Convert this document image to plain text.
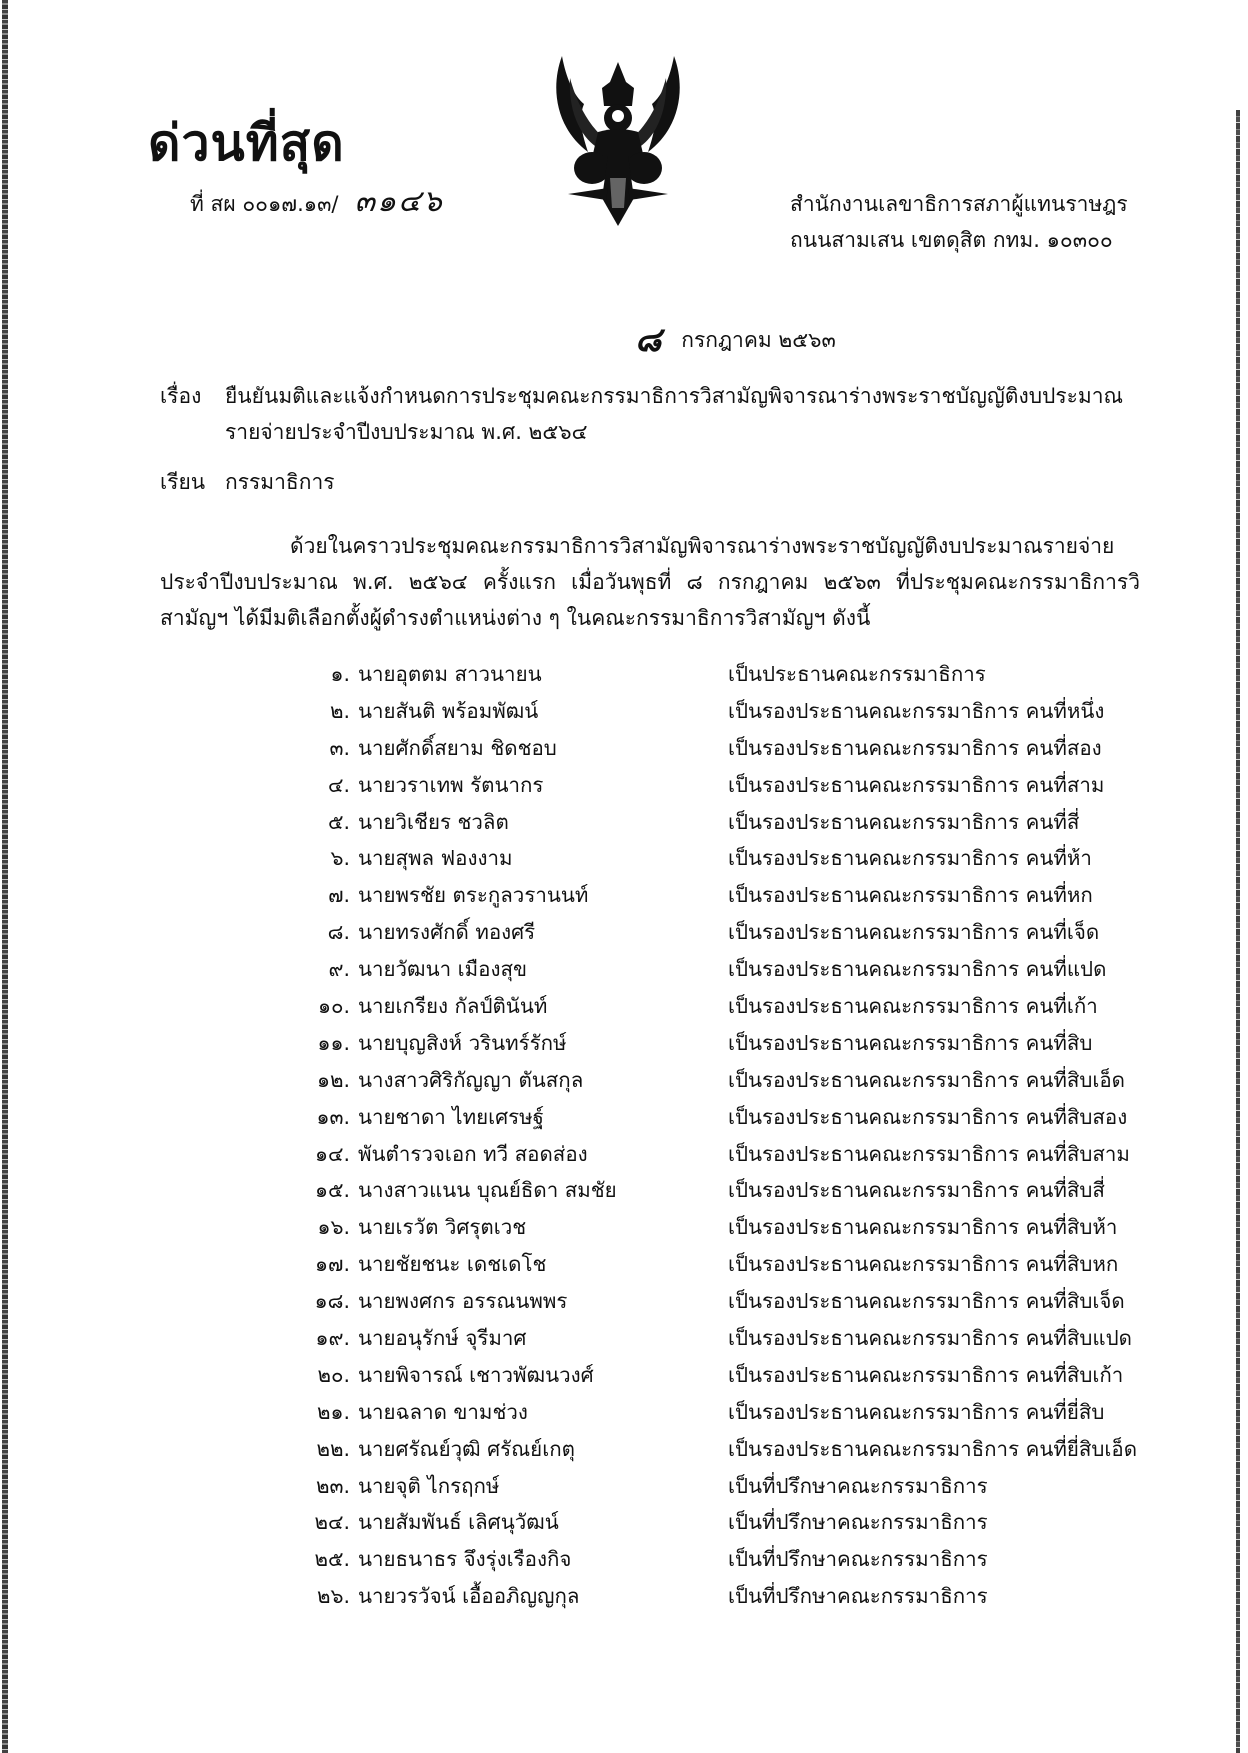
ด่วนที่สุด
ที่ สผ ๐๐๑๗.๑๓/ ๓๑๔๖	สำนักงานเลขาธิการสภาผู้แทนราษฎร
ถนนสามเสน เขตดุสิต กทม. ๑๐๓๐๐
๘ กรกฎาคม ๒๕๖๓
เรื่อง	ยืนยันมติและแจ้งกำหนดการประชุมคณะกรรมาธิการวิสามัญพิจารณาร่างพระราชบัญญัติงบประมาณรายจ่ายประจำปีงบประมาณ พ.ศ. ๒๕๖๔
เรียน กรรมาธิการ

ด้วยในคราวประชุมคณะกรรมาธิการวิสามัญพิจารณาร่างพระราชบัญญัติงบประมาณรายจ่ายประจำปีงบประมาณ พ.ศ. ๒๕๖๔ ครั้งแรก เมื่อวันพุธที่ ๘ กรกฎาคม ๒๕๖๓ ที่ประชุมคณะกรรมาธิการวิสามัญฯ ได้มีมติเลือกตั้งผู้ดำรงตำแหน่งต่าง ๆ ในคณะกรรมาธิการวิสามัญฯ ดังนี้

๑. นายอุตตม สาวนายน	เป็นประธานคณะกรรมาธิการ
๒. นายสันติ พร้อมพัฒน์	เป็นรองประธานคณะกรรมาธิการ คนที่หนึ่ง
๓. นายศักดิ์สยาม ชิดชอบ	เป็นรองประธานคณะกรรมาธิการ คนที่สอง
๔. นายวราเทพ รัตนากร	เป็นรองประธานคณะกรรมาธิการ คนที่สาม
๕. นายวิเชียร ชวลิต	เป็นรองประธานคณะกรรมาธิการ คนที่สี่
๖. นายสุพล ฟองงาม	เป็นรองประธานคณะกรรมาธิการ คนที่ห้า
๗. นายพรชัย ตระกูลวรานนท์	เป็นรองประธานคณะกรรมาธิการ คนที่หก
๘. นายทรงศักดิ์ ทองศรี	เป็นรองประธานคณะกรรมาธิการ คนที่เจ็ด
๙. นายวัฒนา เมืองสุข	เป็นรองประธานคณะกรรมาธิการ คนที่แปด
๑๐. นายเกรียง กัลป์ตินันท์	เป็นรองประธานคณะกรรมาธิการ คนที่เก้า
๑๑. นายบุญสิงห์ วรินทร์รักษ์	เป็นรองประธานคณะกรรมาธิการ คนที่สิบ
๑๒. นางสาวศิริกัญญา ตันสกุล	เป็นรองประธานคณะกรรมาธิการ คนที่สิบเอ็ด
๑๓. นายชาดา ไทยเศรษฐ์	เป็นรองประธานคณะกรรมาธิการ คนที่สิบสอง
๑๔. พันตำรวจเอก ทวี สอดส่อง	เป็นรองประธานคณะกรรมาธิการ คนที่สิบสาม
๑๕. นางสาวแนน บุณย์ธิดา สมชัย	เป็นรองประธานคณะกรรมาธิการ คนที่สิบสี่
๑๖. นายเรวัต วิศรุตเวช	เป็นรองประธานคณะกรรมาธิการ คนที่สิบห้า
๑๗. นายชัยชนะ เดชเดโช	เป็นรองประธานคณะกรรมาธิการ คนที่สิบหก
๑๘. นายพงศกร อรรณนพพร	เป็นรองประธานคณะกรรมาธิการ คนที่สิบเจ็ด
๑๙. นายอนุรักษ์ จุรีมาศ	เป็นรองประธานคณะกรรมาธิการ คนที่สิบแปด
๒๐. นายพิจารณ์ เชาวพัฒนวงศ์	เป็นรองประธานคณะกรรมาธิการ คนที่สิบเก้า
๒๑. นายฉลาด ขามช่วง	เป็นรองประธานคณะกรรมาธิการ คนที่ยี่สิบ
๒๒. นายศรัณย์วุฒิ ศรัณย์เกตุ	เป็นรองประธานคณะกรรมาธิการ คนที่ยี่สิบเอ็ด
๒๓. นายจุติ ไกรฤกษ์	เป็นที่ปรึกษาคณะกรรมาธิการ
๒๔. นายสัมพันธ์ เลิศนุวัฒน์	เป็นที่ปรึกษาคณะกรรมาธิการ
๒๕. นายธนาธร จึงรุ่งเรืองกิจ	เป็นที่ปรึกษาคณะกรรมาธิการ
๒๖. นายวรวัจน์ เอื้ออภิญญกุล	เป็นที่ปรึกษาคณะกรรมาธิการ
